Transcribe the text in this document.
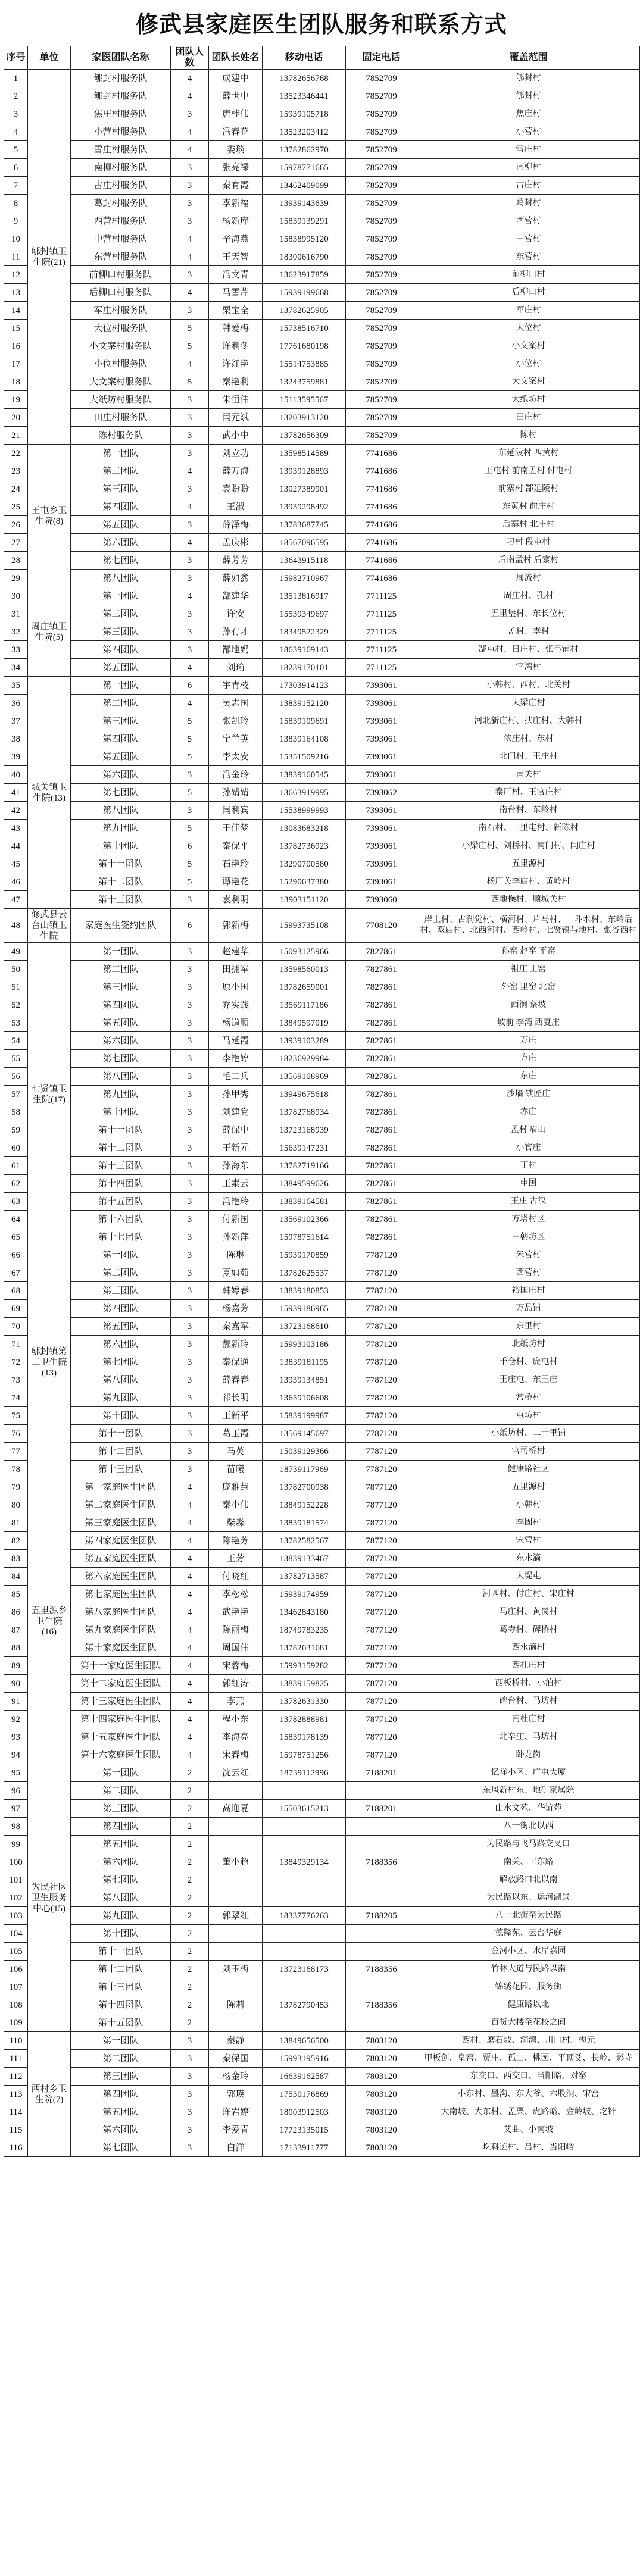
修武县家庭医生团队服务和联系方式
序号	单位	家医团队名称	团队人数	团队长姓名	移动电话	固定电话	覆盖范围
1	郇封镇卫生院(21)	郇封村服务队	4	成建中	13782656768	7852709	郇封村
2		郇封村服务队	4	薛世中	13523346441	7852709	郇封村
3		焦庄村服务队	3	唐桂伟	15939105718	7852709	焦庄村
4		小营村服务队	4	冯春花	13523203412	7852709	小营村
5		雪庄村服务队	4	娄琰	13782862970	7852709	雪庄村
6		南柳村服务队	3	张亮禄	15978771665	7852709	南柳村
7		古庄村服务队	3	秦有霞	13462409099	7852709	古庄村
8		葛封村服务队	3	李新福	13939143639	7852709	葛封村
9		西营村服务队	3	杨新库	15839139291	7852709	西营村
10		中营村服务队	4	辛海燕	15838995120	7852709	中营村
11		东营村服务队	4	王天智	18300616790	7852709	东营村
12		前柳口村服务队	3	冯文青	13623917859	7852709	前柳口村
13		后柳口村服务队	4	马雪芹	15939199668	7852709	后柳口村
14		军庄村服务队	3	栗宝全	13782625905	7852709	军庄村
15		大位村服务队	5	韩爱梅	15738516710	7852709	大位村
16		小文案村服务队	5	许利冬	17761680198	7852709	小文案村
17		小位村服务队	4	许红艳	15514753885	7852709	小位村
18		大文案村服务队	5	秦艳利	13243759881	7852709	大文案村
19		大纸坊村服务队	3	朱恒伟	15113595567	7852709	大纸坊村
20		田庄村服务队	3	闫元斌	13203913120	7852709	田庄村
21		陈村服务队	3	武小中	13782656309	7852709	陈村
22	王屯乡卫生院(8)	第一团队	3	刘立功	13598514589	7741686	东延陵村 西黄村
23		第二团队	4	薛万海	13939128893	7741686	王屯村 前南孟村 付屯村
24		第三团队	3	袁盼盼	13027389901	7741686	前寨村 郜延陵村
25		第四团队	4	王淑	13939298492	7741686	东黄村 前庄村
26		第五团队	3	薛泽梅	13783687745	7741686	后寨村 北庄村
27		第六团队	4	孟庆彬	18567096595	7741686	刁村 段屯村
28		第七团队	3	薛芳芳	13643915118	7741686	后南孟村 后寨村
29		第八团队	3	薛如鑫	15982710967	7741686	周流村
30	周庄镇卫生院(5)	第一团队	4	郜建华	13513816917	7711125	周庄村、孔村
31		第二团队	3	许安	15539349697	7711125	五里堡村、东长位村
32		第三团队	3	孙有才	18349522329	7711125	孟村、李村
33		第四团队	3	郜地妈	18639169143	7711125	郜屯村、日庄村、张弓铺村
34		第五团队	4	刘瑜	18239170101	7711125	宰湾村
35	城关镇卫生院(13)	第一团队	6	宇青枝	17303914123	7393061	小韩村、西村、北关村
36		第二团队	4	吴志国	13839152120	7393061	大梁庄村
37		第三团队	5	张凯玲	15839109691	7393061	河北新庄村、扶庄村、大韩村
38		第四团队	5	宁兰英	13839164108	7393061	依庄村、东村
39		第五团队	5	李太安	15351509216	7393061	北门村、王庄村
40		第六团队	3	冯金玲	13839160545	7393061	南关村
41		第七团队	5	孙婧婧	13663919995	7393062	秦厂村、王官庄村
42		第八团队	3	闫利宾	15538999993	7393061	南台村、东岭村
43		第九团队	5	王佳梦	13083683218	7393061	南石村、三里屯村、新陈村
44		第十团队	6	秦保平	13782736923	7393061	小梁庄村、刘桥村、南门村、闫庄村
45		第十一团队	5	石艳玲	13290700580	7393061	五里源村
46		第十二团队	5	谭艳花	15290637380	7393061	杨厂关李庙村、黄岭村
47		第十三团队	3	袁利明	13903151120	7393060	西地操村、顺城关村
48	修武县云台山镇卫生院	家庭医生签约团队	6	郭新梅	15993735108	7708120	岸上村、古刹觉村、横河村、片马村、一斗水村、东岭后村、双庙村、北西河村、西岭村、七贤镇与地村、张谷西村
49	七贤镇卫生院(17)	第一团队	3	赵建华	15093125966	7827861	孙窑 赵窑 平窑
50		第二团队	3	田拥军	13598560013	7827861	祖庄 王窑
51		第三团队	3	原小国	13782659001	7827861	外窑 里窑 北窑
52		第四团队	3	乔实践	13569117186	7827861	西涧 蔡坡
53		第五团队	3	杨道顺	13849597019	7827861	坡前 李湾 西夏庄
54		第六团队	3	马延霞	13939103289	7827861	万庄
55		第七团队	3	李艳婷	18236929984	7827861	方庄
56		第八团队	3	毛二兵	13569108969	7827861	东庄
57		第九团队	3	孙甲秀	13949675618	7827861	沙墒 铁匠庄
58		第十团队	3	刘建党	13782768934	7827861	赤庄
59		第十一团队	3	薛保中	13723168939	7827861	孟村 眉山
60		第十二团队	3	王新元	15639147231	7827861	小官庄
61		第十三团队	3	孙海东	13782719166	7827861	丁村
62		第十四团队	3	王素云	13849599626	7827861	申国
63		第十五团队	3	冯艳玲	13839164581	7827861	王庄 古汉
64		第十六团队	3	付新国	13569102366	7827861	方塔村区
65		第十七团队	3	孙新萍	15978751614	7827861	中朝坊区
66	郇封镇第二卫生院(13)	第一团队	3	陈琳	15939170859	7787120	朱营村
67		第二团队	3	夏如茹	13782625537	7787120	西营村
68		第三团队	3	韩婷春	13839180853	7787120	裕国庄村
69		第四团队	3	杨嘉芳	15939186965	7787120	万晶铺
70		第五团队	3	秦嘉军	13723168610	7787120	京里村
71		第六团队	3	郝新玲	15993103186	7787120	北纸坊村
72		第七团队	3	秦保通	13839181195	7787120	千仓村、庞屯村
73		第八团队	3	薛春春	13939134851	7787120	王庄屯、东王庄
74		第九团队	3	祁长明	13659106608	7787120	常桥村
75		第十团队	3	王新平	15839199987	7787120	屯坊村
76		第十一团队	3	葛玉霞	13569145697	7787120	小纸坊村、二十里铺
77		第十二团队	3	马英	15039129366	7787120	官司桥村
78		第十三团队	3	苗曦	18739117969	7787120	健康路社区
79	五里源乡卫生院(16)	第一家庭医生团队	4	庞雅慧	13782700938	7877120	五里源村
80		第二家庭医生团队	4	秦小伟	13849152228	7877120	小韩村
81		第三家庭医生团队	4	柴淼	13839181574	7877120	李固村
82		第四家庭医生团队	4	陈艳芳	13782582567	7877120	宋营村
83		第五家庭医生团队	4	王芳	13839133467	7877120	东水滴
84		第六家庭医生团队	4	付晓红	13782713587	7877120	大堤屯
85		第七家庭医生团队	4	李松松	15939174959	7877120	河西村、付庄村、宋庄村
86		第八家庭医生团队	4	武艳艳	13462843180	7877120	马庄村、黄岗村
87		第九家庭医生团队	4	陈丽梅	18749783235	7877120	葛寺村、碑桥村
88		第十家庭医生团队	4	周国伟	13782631681	7877120	西水滴村
89		第十一家庭医生团队	4	宋蓉梅	15993159282	7877120	西杜庄村
90		第十二家庭医生团队	4	郭红涛	13839159825	7877120	西板桥村、小泊村
91		第十三家庭医生团队	4	李燕	13782631330	7877120	碑台村、马坊村
92		第十四家庭医生团队	4	程小东	13782888981	7877120	南杜庄村
93		第十五家庭医生团队	4	李海亮	15839178139	7877120	北辛庄、马坊村
94		第十六家庭医生团队	4	宋春梅	15978751256	7877120	卧龙岗
95	为民社区卫生服务中心(15)	第一团队	2	沈云红	18739112996	7188201	忆祥小区、广电大厦
96		第二团队	2				东风新村东、地矿家属院
97		第三团队	2	高迎夏	15503615213	7188201	山水文苑、华谊苑
98		第四团队	2				八一街北以西
99		第五团队	2				为民路与飞马路交叉口
100		第六团队	2	董小超	13849329134	7188356	南关、卫东路
101		第七团队	2				解放路口北以南
102		第八团队	2				为民路以东、运河湖景
103		第九团队	2	郭翠红	18337776263	7188205	八一北街至为民路
104		第十团队	2				德隆苑、云台华庭
105		第十一团队	2				金河小区、水岸嘉园
106		第十二团队	2	刘玉梅	13723168173	7188356	竹林大道与民路以南
107		第十三团队	2				锦绣花园、服务街
108		第十四团队	2	陈莉	13782790453	7188356	健康路以北
109		第十五团队	2				百货大楼至花校之间
110	西村乡卫生院(7)	第一团队	3	秦静	13849656500	7803120	西村、磨石坡、洞湾、川口村、梅元
111		第二团队	3	秦保国	15993195916	7803120	甲板创、皇窑、贾庄、孤山、桃园、平顶爻、长岭、影寺
112		第三团队	3	杨金玲	16639162587	7803120	东交口、西交口、当阳峪、对窑
113		第四团队	3	郭瑛	17530176869	7803120	小东村、墨沟、东大爷、六股涧、宋窑
114		第五团队	3	许岩婷	18003912503	7803120	大南坡、大东村、孟栗、虎路峪、金岭坡、圪针
115		第六团队	3	李爱青	17723135015	7803120	艾曲、小南坡
116		第七团队	3	白洋	17133911777	7803120	圪料迹村、吕村、当阳峪
